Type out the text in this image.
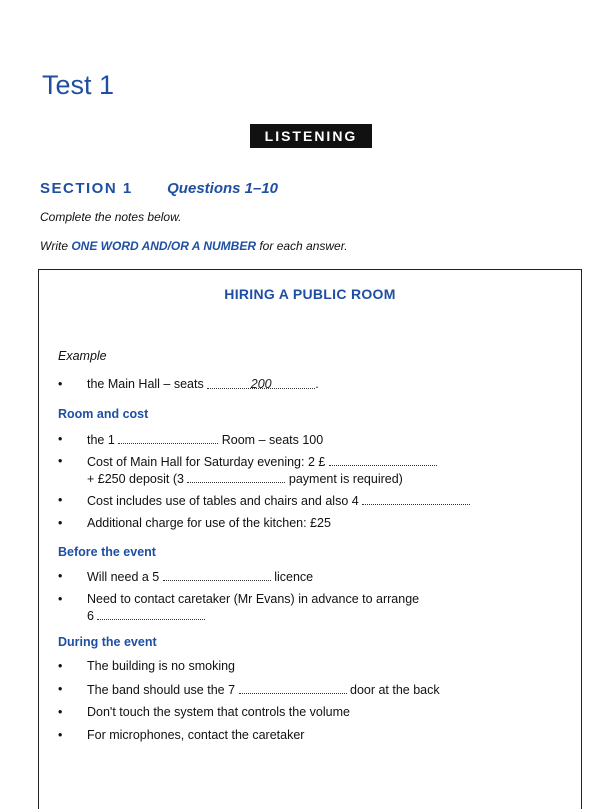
Test 1
LISTENING
SECTION 1 Questions 1–10
Complete the notes below.
Write ONE WORD AND/OR A NUMBER for each answer.
HIRING A PUBLIC ROOM
Example
• the Main Hall – seats	200	.
Room and cost
• the 1	Room – seats 100
• Cost of Main Hall for Saturday evening: 2 £
+ £250 deposit (3	payment is required)
• Cost includes use of tables and chairs and also 4
• Additional charge for use of the kitchen: £25
Before the event
• Will need a 5	licence
• Need to contact caretaker (Mr Evans) in advance to arrange
6
During the event
• The building is no smoking
• The band should use the 7	door at the back
• Don't touch the system that controls the volume
• For microphones, contact the caretaker
